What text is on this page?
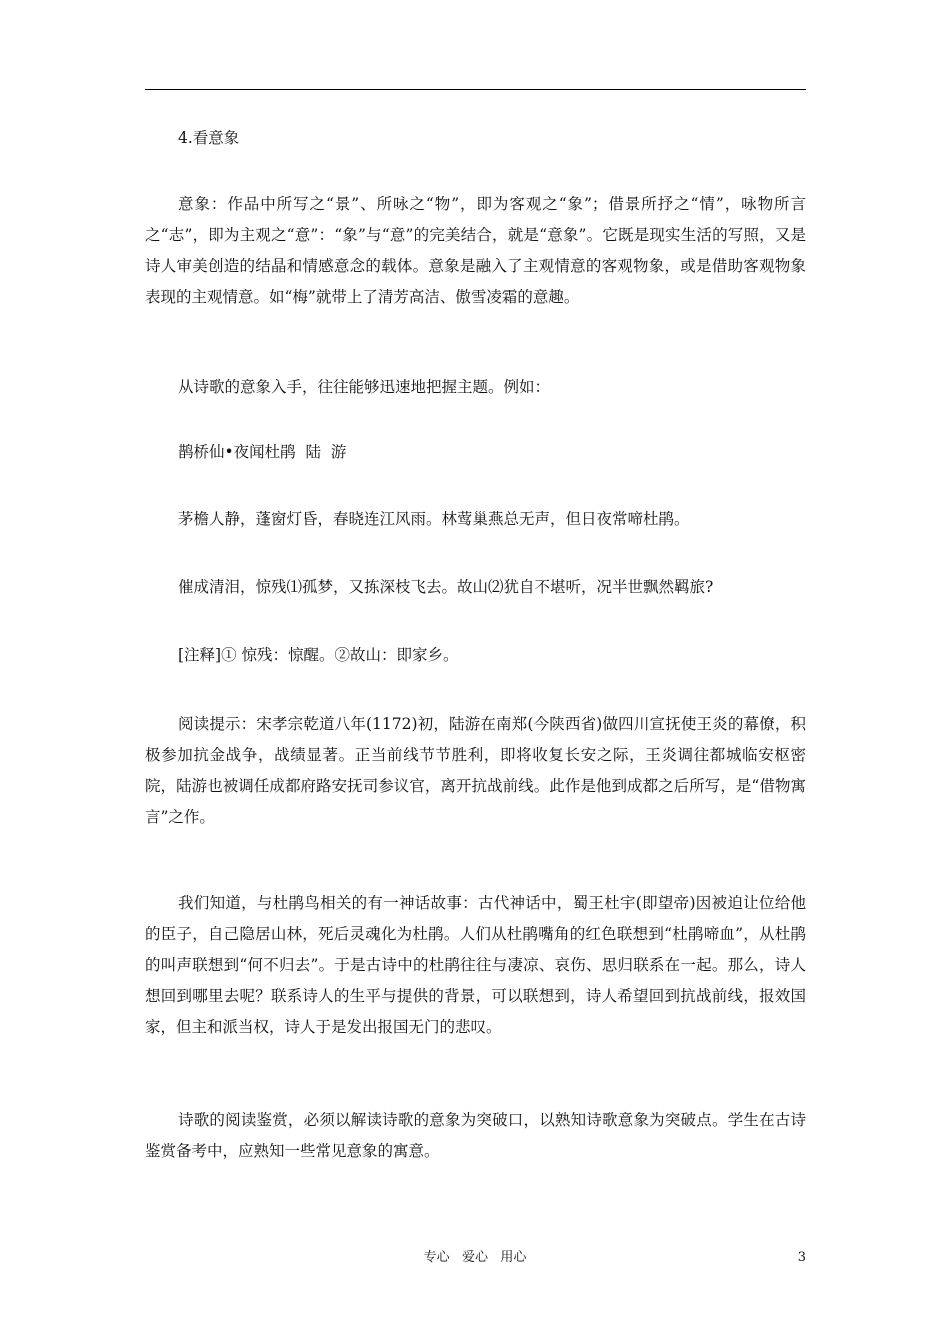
4.看意象

意象：作品中所写之“景”、所咏之“物”，即为客观之“象”；借景所抒之“情”，咏物所言之“志”，即为主观之“意”：“象”与“意”的完美结合，就是“意象”。它既是现实生活的写照，又是诗人审美创造的结晶和情感意念的载体。意象是融入了主观情意的客观物象，或是借助客观物象表现的主观情意。如“梅”就带上了清芳高洁、傲雪凌霜的意趣。

从诗歌的意象入手，往往能够迅速地把握主题。例如：

鹊桥仙•夜闻杜鹃  陆  游

茅檐人静，蓬窗灯昏，春晓连江风雨。林莺巢燕总无声，但日夜常啼杜鹃。

催成清泪，惊残⑴孤梦，又拣深枝飞去。故山⑵犹自不堪听，况半世飘然羁旅?

[注释]① 惊残：惊醒。②故山：即家乡。

阅读提示：宋孝宗乾道八年(1172)初，陆游在南郑(今陕西省)做四川宣抚使王炎的幕僚，积极参加抗金战争，战绩显著。正当前线节节胜利，即将收复长安之际，王炎调往都城临安枢密院，陆游也被调任成都府路安抚司参议官，离开抗战前线。此作是他到成都之后所写，是“借物寓言”之作。

我们知道，与杜鹃鸟相关的有一神话故事：古代神话中，蜀王杜宇(即望帝)因被迫让位给他的臣子，自己隐居山林，死后灵魂化为杜鹃。人们从杜鹃嘴角的红色联想到“杜鹃啼血”，从杜鹃的叫声联想到“何不归去”。于是古诗中的杜鹃往往与凄凉、哀伤、思归联系在一起。那么，诗人想回到哪里去呢？联系诗人的生平与提供的背景，可以联想到，诗人希望回到抗战前线，报效国家，但主和派当权，诗人于是发出报国无门的悲叹。

诗歌的阅读鉴赏，必须以解读诗歌的意象为突破口，以熟知诗歌意象为突破点。学生在古诗鉴赏备考中，应熟知一些常见意象的寓意。

专心   爱心   用心	3
